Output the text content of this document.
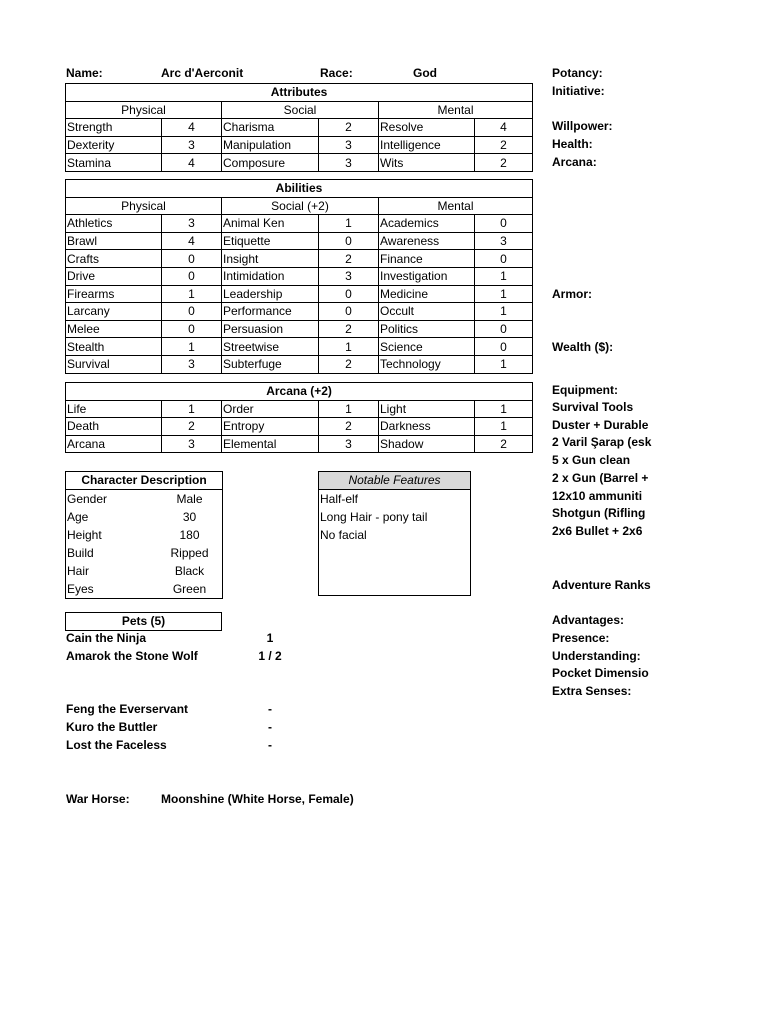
Name:	Arc d'Aerconit	Race:	God
Attributes					
Physical		Social		Mental	
Strength	4	Charisma	2	Resolve	4
Dexterity	3	Manipulation	3	Intelligence	2
Stamina	4	Composure	3	Wits	2
Abilities					
Physical		Social (+2)		Mental	
Athletics	3	Animal Ken	1	Academics	0
Brawl	4	Etiquette	0	Awareness	3
Crafts	0	Insight	2	Finance	0
Drive	0	Intimidation	3	Investigation	1
Firearms	1	Leadership	0	Medicine	1
Larcany	0	Performance	0	Occult	1
Melee	0	Persuasion	2	Politics	0
Stealth	1	Streetwise	1	Science	0
Survival	3	Subterfuge	2	Technology	1
Arcana (+2)					
Life	1	Order	1	Light	1
Death	2	Entropy	2	Darkness	1
Arcana	3	Elemental	3	Shadow	2
Character Description
Gender	Male
Age	30
Height	180
Build	Ripped
Hair	Black
Eyes	Green
Notable Features
Half-elf
Long Hair - pony tail
No facial
Pets (5)
Cain the Ninja	1
Amarok the Stone Wolf	1 / 2
Feng the Everservant	-
Kuro the Buttler	-
Lost the Faceless	-
War Horse:	Moonshine (White Horse, Female)
Potancy:
Initiative:
Willpower:
Health:
Arcana:
Armor:
Wealth ($):
Equipment:
Survival Tools
Duster + Durable
2 Varil Şarap (esk
5 x Gun clean
2 x Gun (Barrel +
12x10 ammuniti
Shotgun (Rifling
2x6 Bullet + 2x6
Adventure Ranks
Advantages:
Presence:
Understanding:
Pocket Dimensio
Extra Senses:
